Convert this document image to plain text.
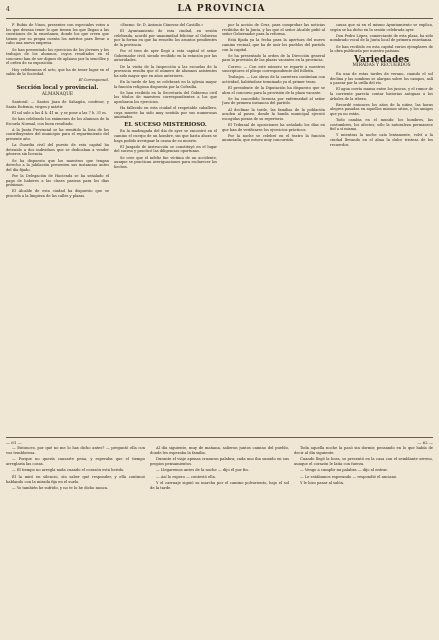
4	LA PROVINCIA

F. Rubio de Vinos, presentes con especiales votos a los que desean tener lo que tienen los que llegan a las cuestiones de la enseñanza, donde los que creen que tienen por su propia cuenta los méritos para llevar a cabo una nueva empresa.

Se han presentado los ejercicios de los jóvenes y los trabajos de los alumnos, cuyos resultados en el concurso han de ser dignos de aplauso por la sencillez y el orden de su exposición.

Hoy celebramos el acto, que ha de tener lugar en el salón de la Sociedad.

El Corresponsal.

Sección local y provincial.
ALMANAQUE

Santoral. — Santos Juan de Sahagún, confesor, y Santa Eufemia, virgen y mártir.

El sol sale a las 4 h. 41 m. y se pone a las 7 h. 31 m.

Se han celebrado los exámenes de los alumnos de la Escuela Normal, con buen resultado.

A la Junta Provincial se ha remitido la lista de los contribuyentes del municipio para el repartimiento del presente año.

La Guardia civil del puesto de esta capital ha detenido a dos individuos que se dedicaban a vender géneros sin licencia.

Se ha dispuesto que los maestros que tengan derecho a la jubilación presenten sus instancias antes del día fijado.

Por la Delegación de Hacienda se ha señalado el pago de haberes a las clases pasivas para los días próximos.

El Alcalde de esta ciudad ha dispuesto que se proceda a la limpieza de las calles y plazas.

«Excmo. Sr. D. Antonio Cánovas del Castillo.»

El Ayuntamiento de esta ciudad, en sesión celebrada, acordó por unanimidad felicitar al Gobierno por la forma en que ha resuelto los asuntos pendientes de la provincia.

Por el tren de ayer llegó a esta capital el señor Gobernador civil, siendo recibido en la estación por las autoridades.

De la visita de la Inspección a las escuelas de la provincia resulta que el número de alumnos asistentes ha sido mayor que en años anteriores.

En la tarde de hoy se celebrará en la iglesia mayor la función religiosa dispuesta por la Cofradía.

Se han recibido en la Secretaría del Gobierno civil los títulos de maestros correspondientes a los que aprobaron los ejercicios.

Ha fallecido en esta ciudad el respetable caballero, cuya muerte ha sido muy sentida por sus numerosas amistades.

EL SUCESO MISTERIOSO.

En la madrugada del día de ayer se encontró en el camino el cuerpo de un hombre, sin que hasta ahora se haya podido averiguar la causa de su muerte.

El Juzgado de instrucción se constituyó en el lugar del suceso y practicó las diligencias oportunas.

Se cree que el infeliz fue víctima de un accidente, aunque se practican averiguaciones para esclarecer los hechos.

por la acción de Cruz, para comprobar las noticias recibidas de la Junta, y las que el señor Alcalde pidió al señor Gobernador para la reforma.

Está fijada ya la fecha para la apertura del nuevo camino vecinal, que ha de unir los pueblos del partido con la capital.

Se ha presentado la orden de la Dirección general para la provisión de las plazas vacantes en la provincia.

Correo. — Con este número se reparte a nuestros suscriptores el pliego correspondiente del folletín.

Trabajos. — Las obras de la carretera continúan con actividad, habiéndose terminado ya el primer trozo.

El presidente de la Diputación ha dispuesto que se abra el concurso para la provisión de la plaza vacante.

Se ha concedido licencia por enfermedad al señor Juez de primera instancia del partido.

Al declinar la tarde, las familias de la población acuden al paseo, donde la banda municipal ejecutó escogidas piezas de su repertorio.

El Tribunal de oposiciones ha señalado los días en que han de verificarse los ejercicios prácticos.

Por la noche se celebró en el teatro la función anunciada, que estuvo muy concurrida.

causa que ni en el mismo Ayuntamiento se explica, según se ha dicho en la sesión celebrada ayer.

Don Pedro López, comerciante de esta plaza, ha sido nombrado vocal de la Junta local de primera enseñanza.

Se han recibido en esta capital varios ejemplares de la obra publicada por nuestro paisano.

Variedades
MIRADAS Y RECUERDOS

En una de estas tardes de verano, cuando el sol declina y las sombras se alargan sobre los campos, salí a pasear por la orilla del río.

El agua corría mansa entre los juncos, y el rumor de la corriente parecía contar historias antiguas a los árboles de la ribera.

Recordé entonces los años de la niñez, las horas alegres pasadas en aquellos mismos sitios, y los amigos que ya no están.

Todo cambia en el mundo: los hombres, las costumbres, los afectos; sólo la naturaleza permanece fiel a sí misma.

Y mientras la noche caía lentamente, volví a la ciudad llevando en el alma la dulce tristeza de los recuerdos.

— 61 —	— 62 —

— Entonces, por qué no me lo has dicho antes? — preguntó ella con voz temblorosa.

— Porque no quería causarte pena, y esperaba que el tiempo arreglaría las cosas.

— El tiempo no arregla nada cuando el corazón está herido.

Él la miró en silencio, sin saber qué responder, y ella continuó hablando con la mirada fija en el suelo.

— Yo también he sufrido, y no te lo he dicho nunca.

Al día siguiente, muy de mañana, salieron juntos camino del pueblo, donde les esperaba la familia.

Durante el viaje apenas cruzaron palabra; cada uno iba sumido en sus propios pensamientos.

— Llegaremos antes de la noche — dijo él por fin.

— Así lo espero — contestó ella.

Y el carruaje siguió su marcha por el camino polvoriento, bajo el sol de la tarde.

Toda aquella noche la pasó sin dormir, pensando en lo que había de decir al día siguiente.

Cuando llegó la hora, se presentó en la casa con el semblante sereno, aunque el corazón le latía con fuerza.

— Vengo a cumplir mi palabra — dijo al entrar.

— Le estábamos esperando — respondió el anciano.

Y le hizo pasar al salón.
